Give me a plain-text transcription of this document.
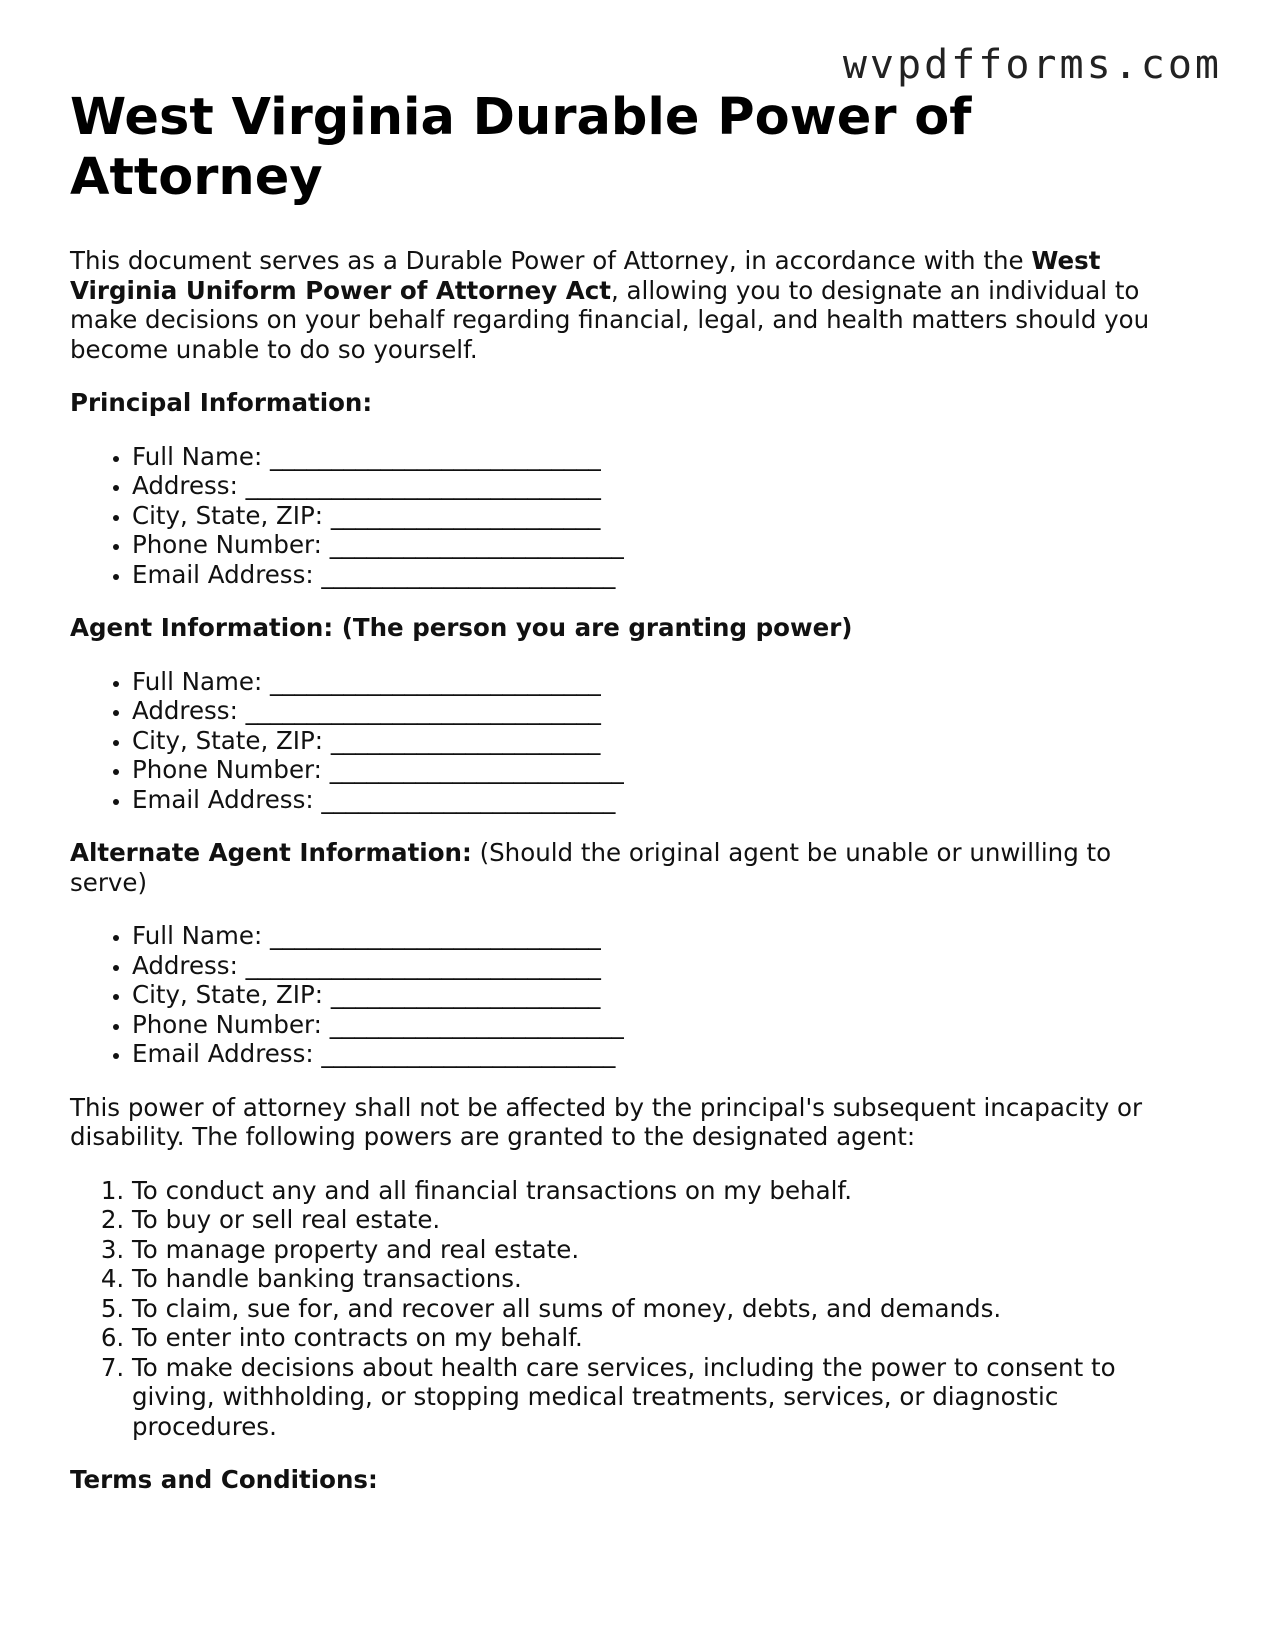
wvpdfforms.com
West Virginia Durable Power of Attorney

This document serves as a Durable Power of Attorney, in accordance with the West Virginia Uniform Power of Attorney Act, allowing you to designate an individual to make decisions on your behalf regarding financial, legal, and health matters should you become unable to do so yourself.

Principal Information:

• Full Name: ___________________________
• Address: _____________________________
• City, State, ZIP: ______________________
• Phone Number: ________________________
• Email Address: ________________________

Agent Information: (The person you are granting power)

• Full Name: ___________________________
• Address: _____________________________
• City, State, ZIP: ______________________
• Phone Number: ________________________
• Email Address: ________________________

Alternate Agent Information: (Should the original agent be unable or unwilling to serve)

• Full Name: ___________________________
• Address: _____________________________
• City, State, ZIP: ______________________
• Phone Number: ________________________
• Email Address: ________________________

This power of attorney shall not be affected by the principal's subsequent incapacity or disability. The following powers are granted to the designated agent:

1. To conduct any and all financial transactions on my behalf.
2. To buy or sell real estate.
3. To manage property and real estate.
4. To handle banking transactions.
5. To claim, sue for, and recover all sums of money, debts, and demands.
6. To enter into contracts on my behalf.
7. To make decisions about health care services, including the power to consent to giving, withholding, or stopping medical treatments, services, or diagnostic procedures.

Terms and Conditions:
